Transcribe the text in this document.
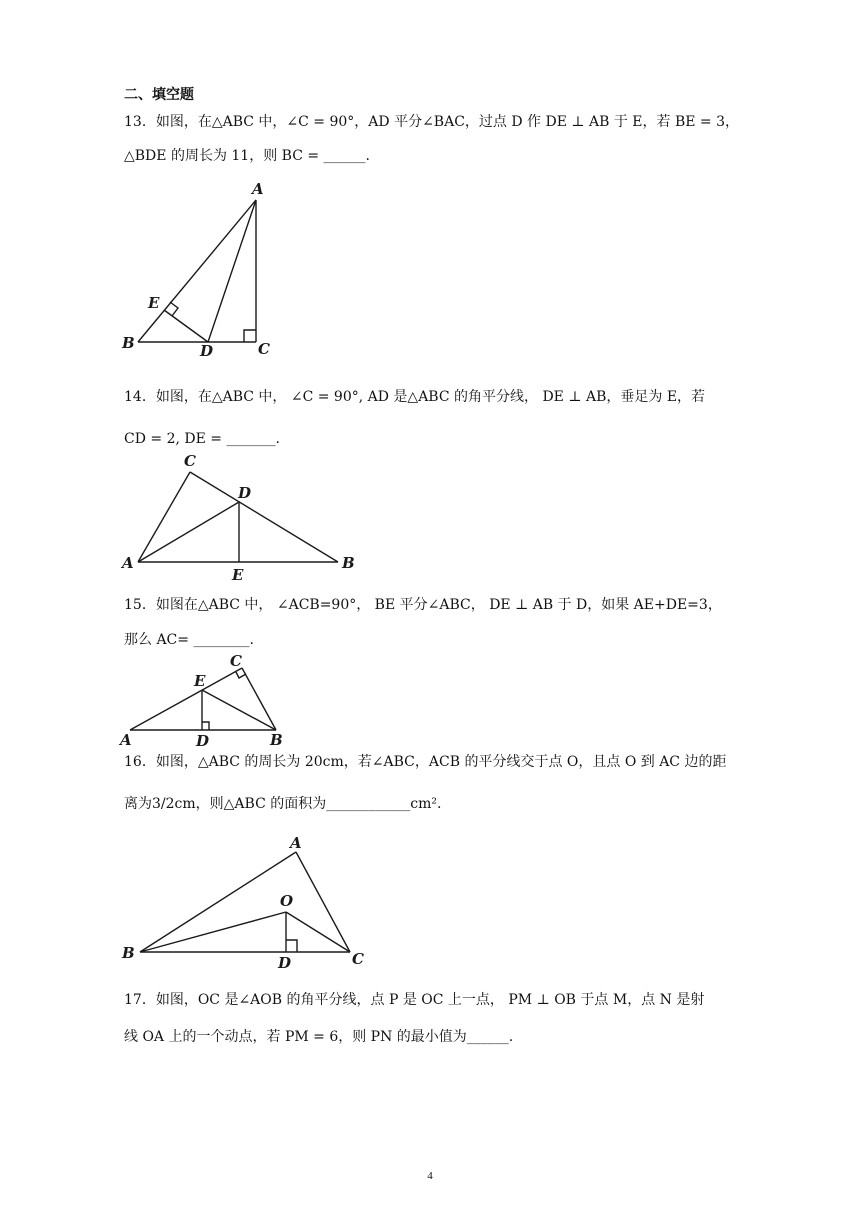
二、填空题
13．如图，在△ABC 中，∠C = 90°，AD 平分∠BAC，过点 D 作 DE ⊥ AB 于 E，若 BE = 3，
△BDE 的周长为 11，则 BC = ______.
A
B	C
D
E
14．如图，在△ABC 中， ∠C = 90°, AD 是△ABC 的角平分线， DE ⊥ AB，垂足为 E，若
CD = 2, DE = _______.
A	B
C
D
E
15．如图在△ABC 中， ∠ACB=90°， BE 平分∠ABC， DE ⊥ AB 于 D，如果 AE+DE=3，
那么 AC= ________.
A	B
C
D
E
16．如图，△ABC 的周长为 20cm，若∠ABC，ACB 的平分线交于点 O，且点 O 到 AC 边的距
离为3/2cm，则△ABC 的面积为____________cm².
A
B	C
D
O
17．如图，OC 是∠AOB 的角平分线，点 P 是 OC 上一点， PM ⊥ OB 于点 M，点 N 是射
线 OA 上的一个动点，若 PM = 6，则 PN 的最小值为______.
4
